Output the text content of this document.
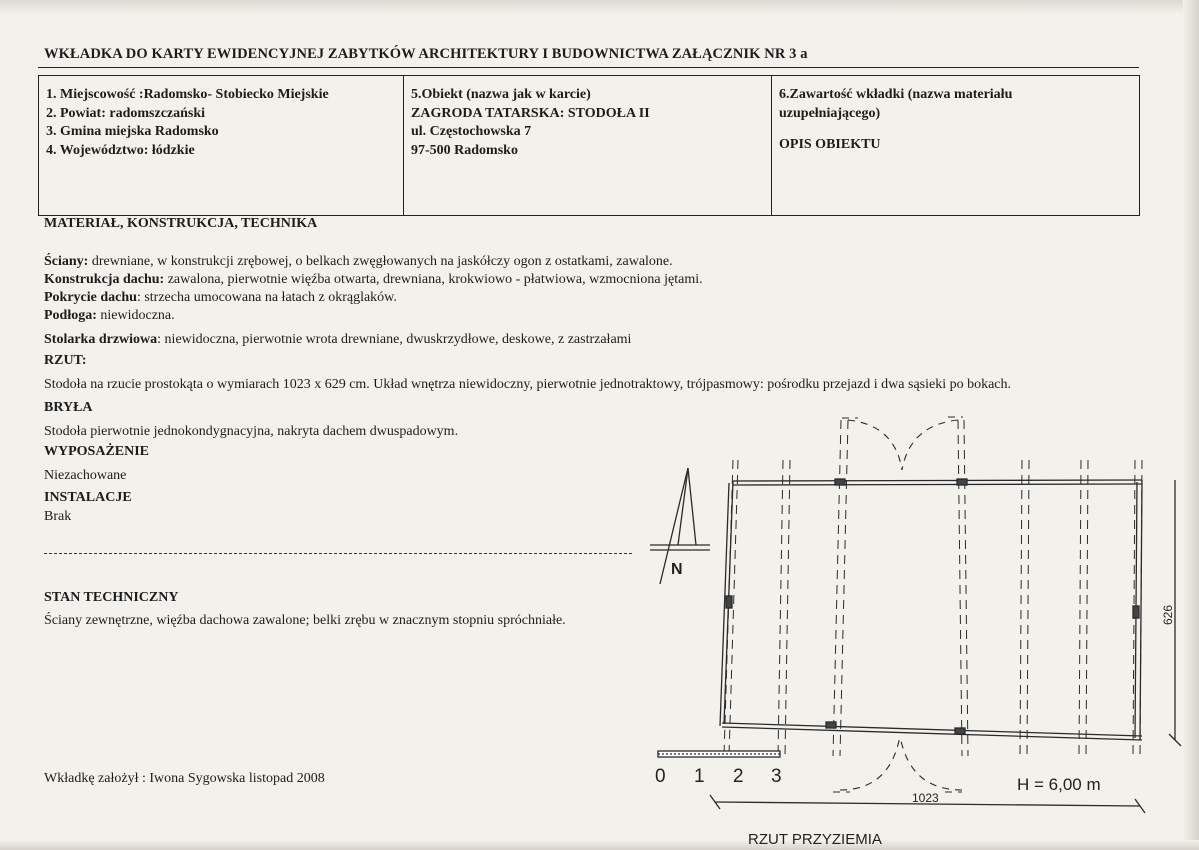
WKŁADKA DO KARTY EWIDENCYJNEJ ZABYTKÓW ARCHITEKTURY I BUDOWNICTWA ZAŁĄCZNIK NR 3 a
1. Miejscowość :Radomsko- Stobiecko Miejskie
2. Powiat: radomszczański
3. Gmina miejska Radomsko
4. Województwo: łódzkie
5.Obiekt (nazwa jak w karcie)
ZAGRODA TATARSKA: STODOŁA II
ul. Częstochowska 7
97-500 Radomsko
6.Zawartość wkładki (nazwa materiału
uzupełniającego)
OPIS OBIEKTU
MATERIAŁ, KONSTRUKCJA, TECHNIKA
Ściany: drewniane, w konstrukcji zrębowej, o belkach zwęgłowanych na jaskółczy ogon z ostatkami, zawalone.
Konstrukcja dachu: zawalona, pierwotnie więźba otwarta, drewniana, krokwiowo - płatwiowa, wzmocniona jętami.
Pokrycie dachu: strzecha umocowana na łatach z okrąglaków.
Podłoga: niewidoczna.
Stolarka drzwiowa: niewidoczna, pierwotnie wrota drewniane, dwuskrzydłowe, deskowe, z zastrzałami
RZUT:
Stodoła na rzucie prostokąta o wymiarach 1023 x 629 cm. Układ wnętrza niewidoczny, pierwotnie jednotraktowy, trójpasmowy: pośrodku przejazd i dwa sąsieki po bokach.
BRYŁA
Stodoła pierwotnie jednokondygnacyjna, nakryta dachem dwuspadowym.
WYPOSAŻENIE
Niezachowane
INSTALACJE
Brak
STAN TECHNICZNY
Ściany zewnętrzne, więźba dachowa zawalone; belki zrębu w znacznym stopniu spróchniałe.
Wkładkę założył : Iwona Sygowska listopad 2008
N
0 1 2 3
1023
H = 6,00 m
626
RZUT PRZYZIEMIA
